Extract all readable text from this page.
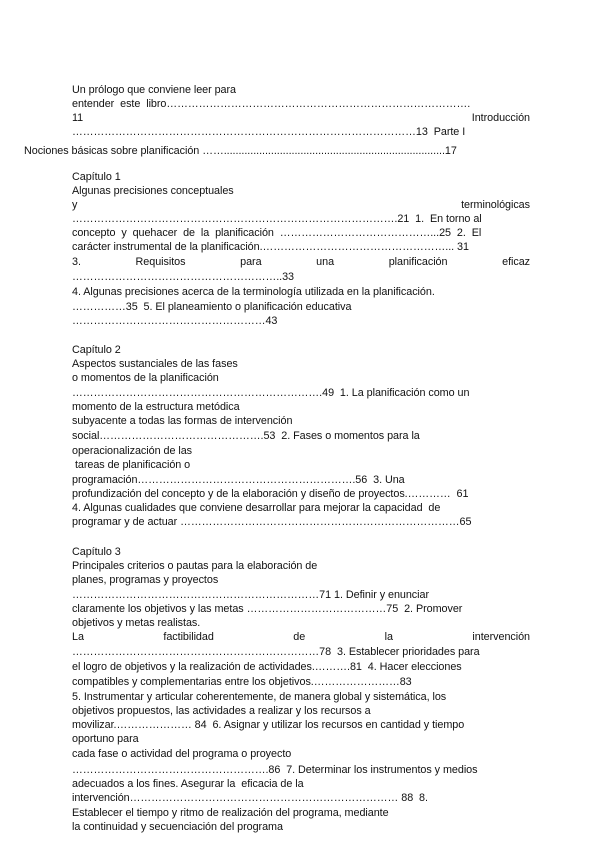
Un prólogo que conviene leer para
entender  este  libro………………………………………………………………………….
11	Introducción
……………………………………………………………………………………13  Parte I
Nociones básicas sobre planificación ……...........................................................................17
Capítulo 1
Algunas precisiones conceptuales
y	terminológicas
……………………………………………………………………………….21  1.  En torno al
concepto  y  quehacer  de  la  planificación  ……………………………………...25  2.  El
carácter instrumental de la planificación.……………………………………………... 31
3.	Requisitos	para	una	planificación	eficaz
…………………………………………………..33
4. Algunas precisiones acerca de la terminología utilizada en la planificación.
……………35  5. El planeamiento o planificación educativa
………………………………………………43
Capítulo 2
Aspectos sustanciales de las fases
o momentos de la planificación
…………………………………………………………….49  1. La planificación como un
momento de la estructura metódica
subyacente a todas las formas de intervención
social……………………………………….53  2. Fases o momentos para la
operacionalización de las
tareas de planificación o
programación…………………………………………………….56  3. Una
profundización del concepto y de la elaboración y diseño de proyectos.…………  61
4. Algunas cualidades que conviene desarrollar para mejorar la capacidad  de
programar y de actuar ……………………………………………………………………65
Capítulo 3
Principales criterios o pautas para la elaboración de
planes, programas y proyectos
……………………………………………………………71 1. Definir y enunciar
claramente los objetivos y las metas …………………………………75  2. Promover
objetivos y metas realistas.
La	factibilidad	de	la	intervención
……………………………………………………………78  3. Establecer prioridades para
el logro de objetivos y la realización de actividades.……….81  4. Hacer elecciones
compatibles y complementarias entre los objetivos.……………………83
5. Instrumentar y articular coherentemente, de manera global y sistemática, los
objetivos propuestos, las actividades a realizar y los recursos a
movilizar.………………… 84  6. Asignar y utilizar los recursos en cantidad y tiempo
oportuno para
cada fase o actividad del programa o proyecto
……………………………………………….86  7. Determinar los instrumentos y medios
adecuados a los fines. Asegurar la  eficacia de la
intervención………………………………………………………………… 88  8.
Establecer el tiempo y ritmo de realización del programa, mediante
la continuidad y secuenciación del programa
